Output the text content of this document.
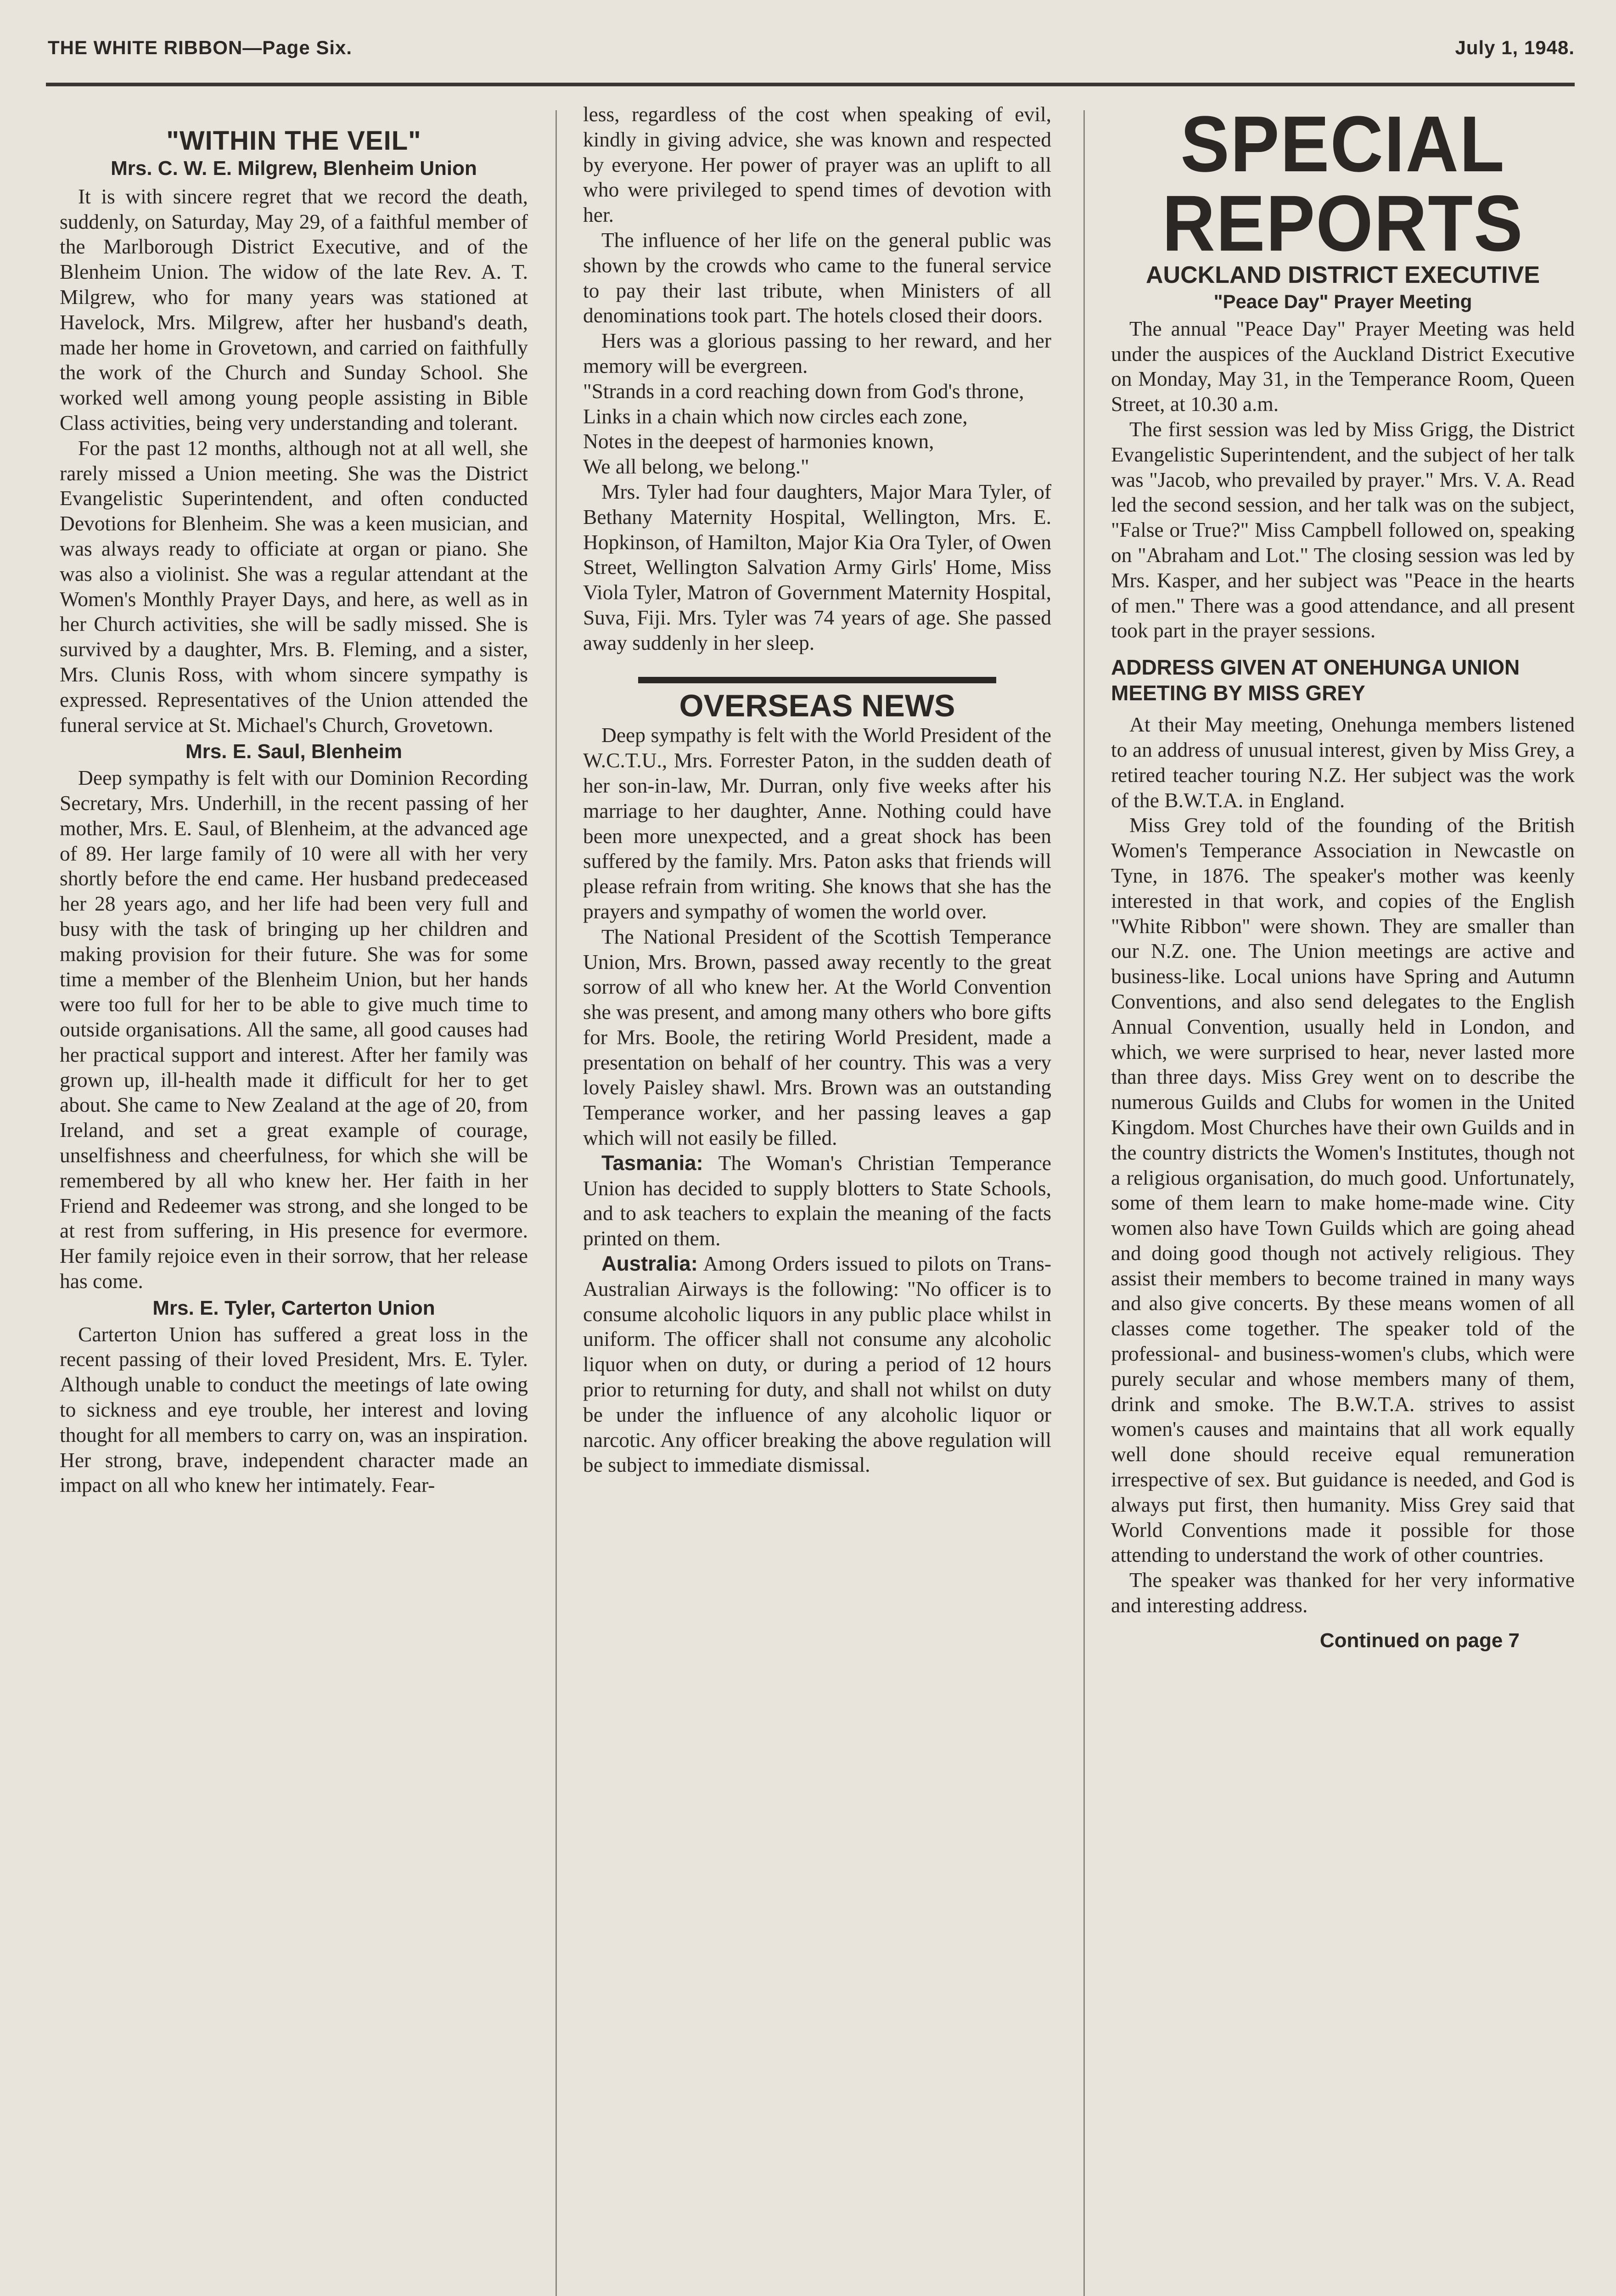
THE WHITE RIBBON—Page Six.	July 1, 1948.
"WITHIN THE VEIL"
Mrs. C. W. E. Milgrew, Blenheim Union

It is with sincere regret that we record the death, suddenly, on Saturday, May 29, of a faithful member of the Marlborough District Executive, and of the Blenheim Union. The widow of the late Rev. A. T. Milgrew, who for many years was stationed at Havelock, Mrs. Milgrew, after her husband's death, made her home in Grovetown, and carried on faithfully the work of the Church and Sunday School. She worked well among young people assisting in Bible Class activities, being very understanding and tolerant.

For the past 12 months, although not at all well, she rarely missed a Union meeting. She was the District Evangelistic Superintendent, and often conducted Devotions for Blenheim. She was a keen musician, and was always ready to officiate at organ or piano. She was also a violinist. She was a regular attendant at the Women's Monthly Prayer Days, and here, as well as in her Church activities, she will be sadly missed. She is survived by a daughter, Mrs. B. Fleming, and a sister, Mrs. Clunis Ross, with whom sincere sympathy is expressed. Representatives of the Union attended the funeral service at St. Michael's Church, Grovetown.

Mrs. E. Saul, Blenheim

Deep sympathy is felt with our Dominion Recording Secretary, Mrs. Underhill, in the recent passing of her mother, Mrs. E. Saul, of Blenheim, at the advanced age of 89. Her large family of 10 were all with her very shortly before the end came. Her husband predeceased her 28 years ago, and her life had been very full and busy with the task of bringing up her children and making provision for their future. She was for some time a member of the Blenheim Union, but her hands were too full for her to be able to give much time to outside organisations. All the same, all good causes had her practical support and interest. After her family was grown up, ill-health made it difficult for her to get about. She came to New Zealand at the age of 20, from Ireland, and set a great example of courage, unselfishness and cheerfulness, for which she will be remembered by all who knew her. Her faith in her Friend and Redeemer was strong, and she longed to be at rest from suffering, in His presence for evermore. Her family rejoice even in their sorrow, that her release has come.

Mrs. E. Tyler, Carterton Union

Carterton Union has suffered a great loss in the recent passing of their loved President, Mrs. E. Tyler. Although unable to conduct the meetings of late owing to sickness and eye trouble, her interest and loving thought for all members to carry on, was an inspiration. Her strong, brave, independent character made an impact on all who knew her intimately. Fear-

less, regardless of the cost when speaking of evil, kindly in giving advice, she was known and respected by everyone. Her power of prayer was an uplift to all who were privileged to spend times of devotion with her.

The influence of her life on the general public was shown by the crowds who came to the funeral service to pay their last tribute, when Ministers of all denominations took part. The hotels closed their doors.

Hers was a glorious passing to her reward, and her memory will be evergreen.

"Strands in a cord reaching down from God's throne,

Links in a chain which now circles each zone,

Notes in the deepest of harmonies known,

We all belong, we belong."

Mrs. Tyler had four daughters, Major Mara Tyler, of Bethany Maternity Hospital, Wellington, Mrs. E. Hopkinson, of Hamilton, Major Kia Ora Tyler, of Owen Street, Wellington Salvation Army Girls' Home, Miss Viola Tyler, Matron of Government Maternity Hospital, Suva, Fiji. Mrs. Tyler was 74 years of age. She passed away suddenly in her sleep.

OVERSEAS NEWS

Deep sympathy is felt with the World President of the W.C.T.U., Mrs. Forrester Paton, in the sudden death of her son-in-law, Mr. Durran, only five weeks after his marriage to her daughter, Anne. Nothing could have been more unexpected, and a great shock has been suffered by the family. Mrs. Paton asks that friends will please refrain from writing. She knows that she has the prayers and sympathy of women the world over.

The National President of the Scottish Temperance Union, Mrs. Brown, passed away recently to the great sorrow of all who knew her. At the World Convention she was present, and among many others who bore gifts for Mrs. Boole, the retiring World President, made a presentation on behalf of her country. This was a very lovely Paisley shawl. Mrs. Brown was an outstanding Temperance worker, and her passing leaves a gap which will not easily be filled.

Tasmania: The Woman's Christian Temperance Union has decided to supply blotters to State Schools, and to ask teachers to explain the meaning of the facts printed on them.

Australia: Among Orders issued to pilots on Trans-Australian Airways is the following: "No officer is to consume alcoholic liquors in any public place whilst in uniform. The officer shall not consume any alcoholic liquor when on duty, or during a period of 12 hours prior to returning for duty, and shall not whilst on duty be under the influence of any alcoholic liquor or narcotic. Any officer breaking the above regulation will be subject to immediate dismissal.

SPECIAL REPORTS
AUCKLAND DISTRICT EXECUTIVE
"Peace Day" Prayer Meeting

The annual "Peace Day" Prayer Meeting was held under the auspices of the Auckland District Executive on Monday, May 31, in the Temperance Room, Queen Street, at 10.30 a.m.

The first session was led by Miss Grigg, the District Evangelistic Superintendent, and the subject of her talk was "Jacob, who prevailed by prayer." Mrs. V. A. Read led the second session, and her talk was on the subject, "False or True?" Miss Campbell followed on, speaking on "Abraham and Lot." The closing session was led by Mrs. Kasper, and her subject was "Peace in the hearts of men." There was a good attendance, and all present took part in the prayer sessions.

ADDRESS GIVEN AT ONEHUNGA UNION MEETING BY MISS GREY

At their May meeting, Onehunga members listened to an address of unusual interest, given by Miss Grey, a retired teacher touring N.Z. Her subject was the work of the B.W.T.A. in England.

Miss Grey told of the founding of the British Women's Temperance Association in Newcastle on Tyne, in 1876. The speaker's mother was keenly interested in that work, and copies of the English "White Ribbon" were shown. They are smaller than our N.Z. one. The Union meetings are active and business-like. Local unions have Spring and Autumn Conventions, and also send delegates to the English Annual Convention, usually held in London, and which, we were surprised to hear, never lasted more than three days. Miss Grey went on to describe the numerous Guilds and Clubs for women in the United Kingdom. Most Churches have their own Guilds and in the country districts the Women's Institutes, though not a religious organisation, do much good. Unfortunately, some of them learn to make home-made wine. City women also have Town Guilds which are going ahead and doing good though not actively religious. They assist their members to become trained in many ways and also give concerts. By these means women of all classes come together. The speaker told of the professional- and business-women's clubs, which were purely secular and whose members many of them, drink and smoke. The B.W.T.A. strives to assist women's causes and maintains that all work equally well done should receive equal remuneration irrespective of sex. But guidance is needed, and God is always put first, then humanity. Miss Grey said that World Conventions made it possible for those attending to understand the work of other countries.

The speaker was thanked for her very informative and interesting address.

Continued on page 7
